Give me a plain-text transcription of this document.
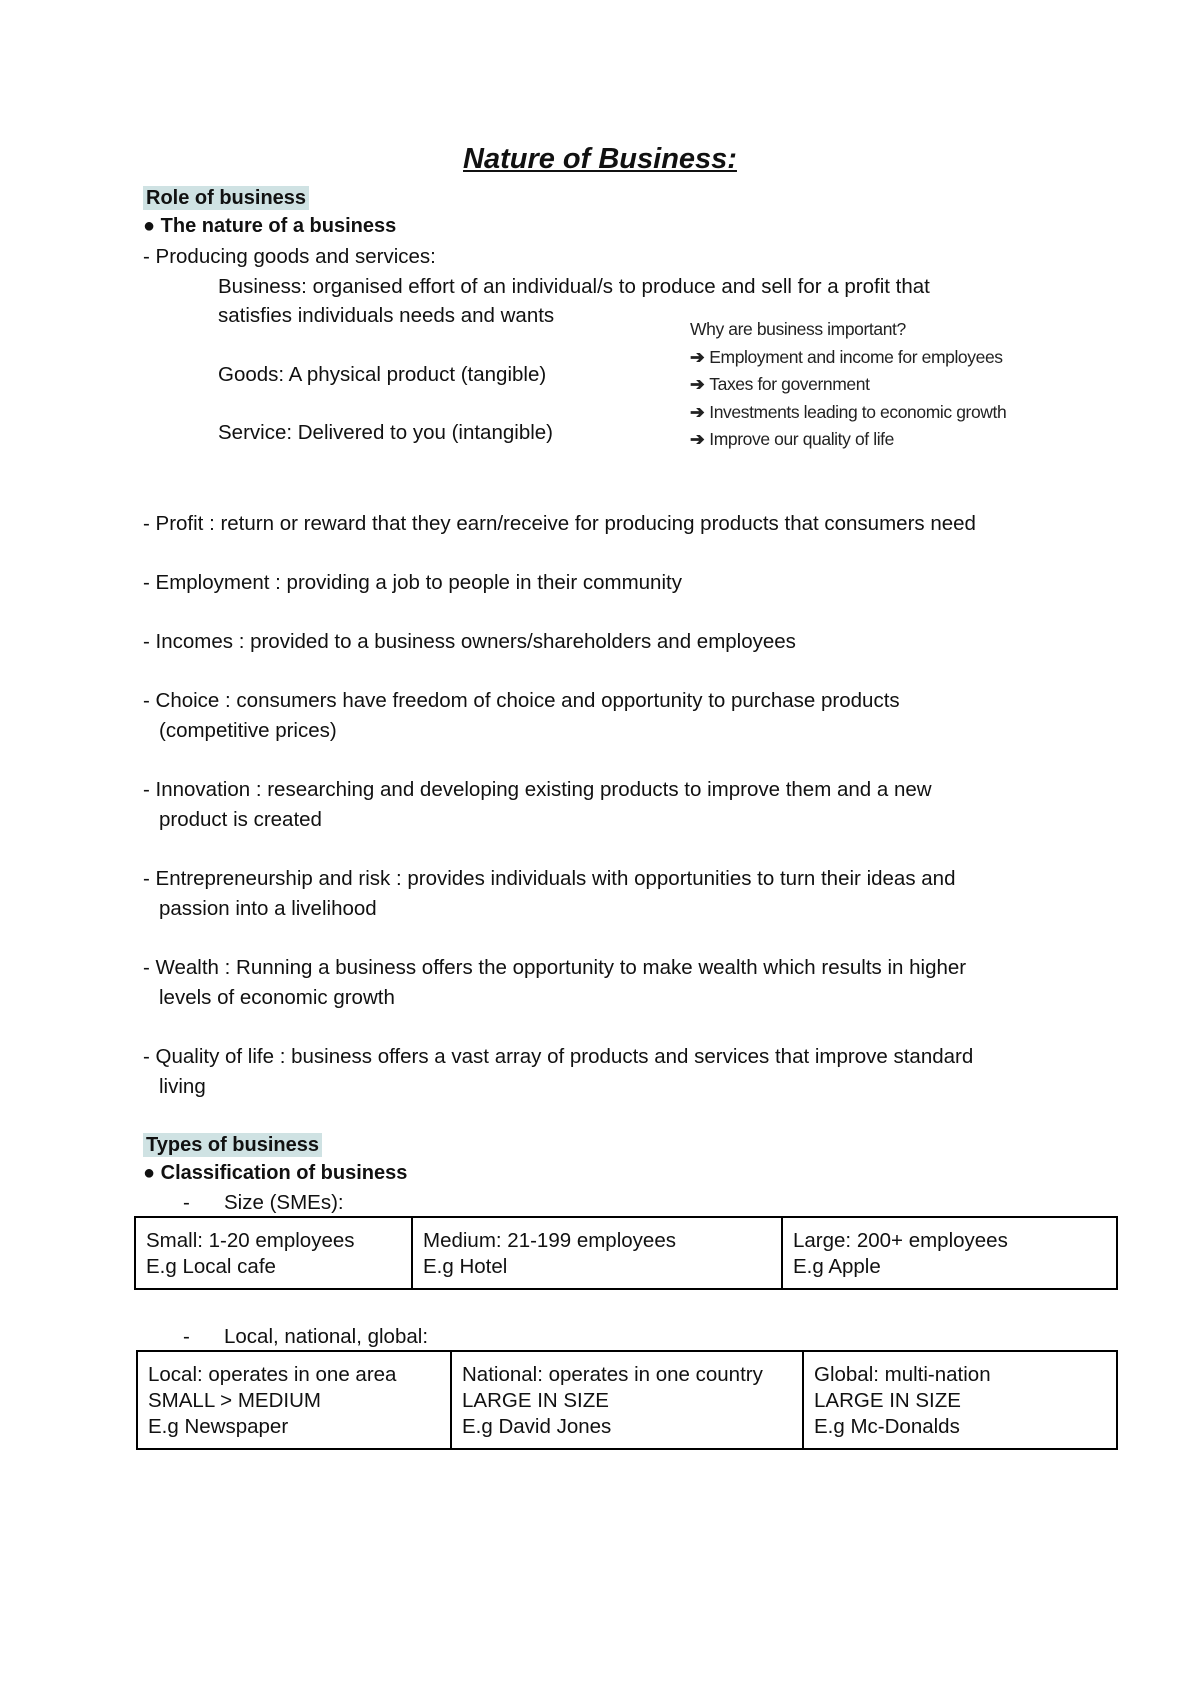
Nature of Business:
Role of business
● The nature of a business
- Producing goods and services:
Business: organised effort of an individual/s to produce and sell for a profit that
satisfies individuals needs and wants
Goods: A physical product (tangible)
Service: Delivered to you (intangible)
Why are business important?
➔ Employment and income for employees
➔ Taxes for government
➔ Investments leading to economic growth
➔ Improve our quality of life
- Profit : return or reward that they earn/receive for producing products that consumers need
- Employment : providing a job to people in their community
- Incomes : provided to a business owners/shareholders and employees
- Choice : consumers have freedom of choice and opportunity to purchase products
(competitive prices)
- Innovation : researching and developing existing products to improve them and a new
product is created
- Entrepreneurship and risk : provides individuals with opportunities to turn their ideas and
passion into a livelihood
- Wealth : Running a business offers the opportunity to make wealth which results in higher
levels of economic growth
- Quality of life : business offers a vast array of products and services that improve standard
living
Types of business
● Classification of business
-      Size (SMEs):
Small: 1-20 employees
E.g Local cafe

Medium: 21-199 employees
E.g Hotel

Large: 200+ employees
E.g Apple
-      Local, national, global:
Local: operates in one area
SMALL > MEDIUM
E.g Newspaper

National: operates in one country
LARGE IN SIZE
E.g David Jones

Global: multi-nation
LARGE IN SIZE
E.g Mc-Donalds
